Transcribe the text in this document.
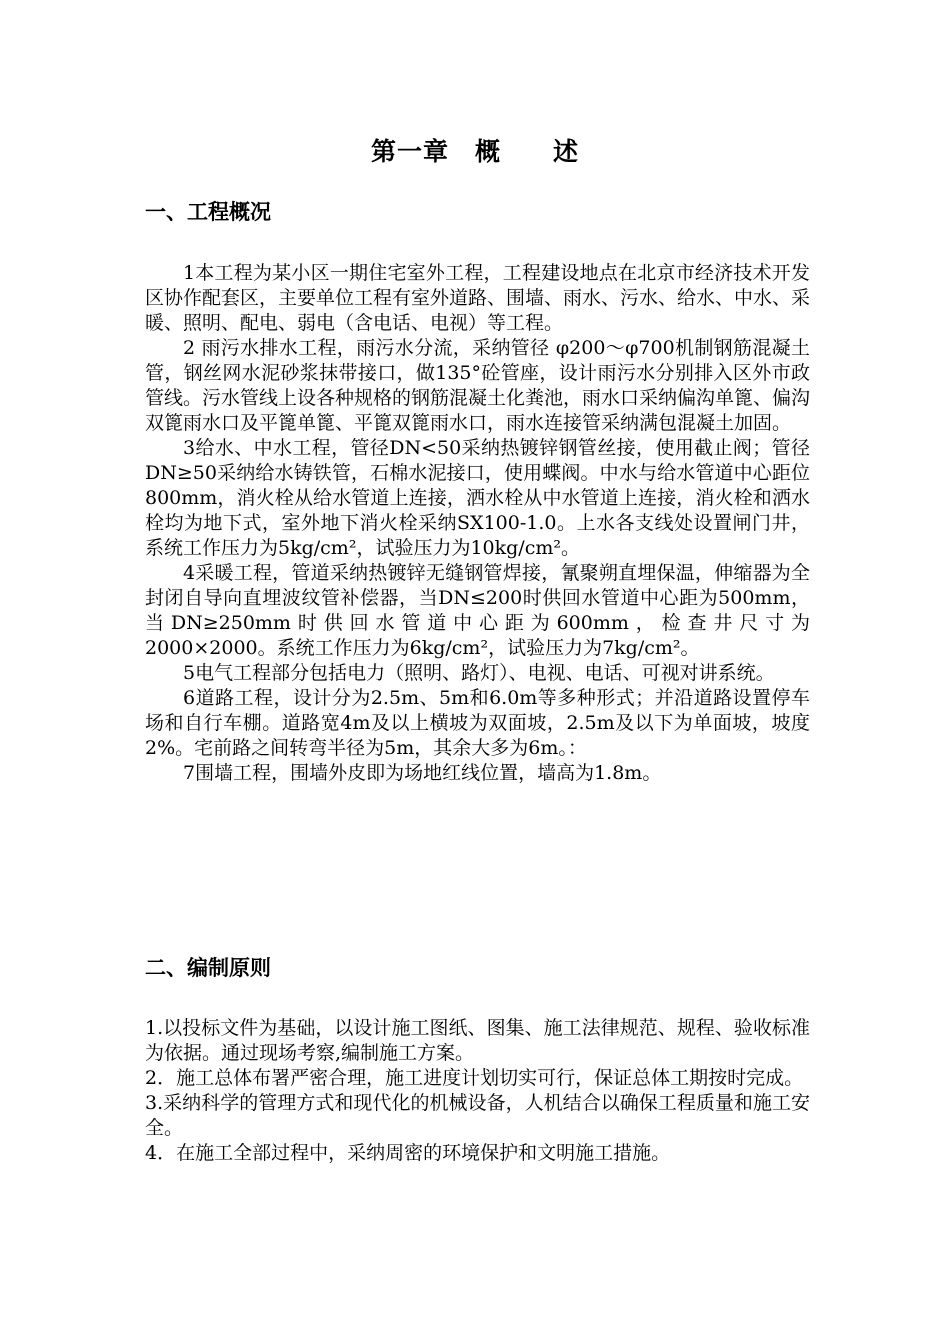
第一章　概　　述
一、工程概况

1本工程为某小区一期住宅室外工程，工程建设地点在北京市经济技术开发区协作配套区，主要单位工程有室外道路、围墙、雨水、污水、给水、中水、采暖、照明、配电、弱电（含电话、电视）等工程。

2 雨污水排水工程，雨污水分流，采纳管径 φ200～φ700机制钢筋混凝土管，钢丝网水泥砂浆抹带接口，做135°砼管座，设计雨污水分别排入区外市政管线。污水管线上设各种规格的钢筋混凝土化粪池，雨水口采纳偏沟单篦、偏沟双篦雨水口及平篦单篦、平篦双篦雨水口，雨水连接管采纳满包混凝土加固。

3给水、中水工程，管径DN<50采纳热镀锌钢管丝接，使用截止阀；管径DN≥50采纳给水铸铁管，石棉水泥接口，使用蝶阀。中水与给水管道中心距位800mm，消火栓从给水管道上连接，洒水栓从中水管道上连接，消火栓和洒水栓均为地下式，室外地下消火栓采纳SX100-1.0。上水各支线处设置闸门井，系统工作压力为5kg/cm²，试验压力为10kg/cm²。

4采暖工程，管道采纳热镀锌无缝钢管焊接，氰聚朔直埋保温，伸缩器为全封闭自导向直埋波纹管补偿器，当DN≤200时供回水管道中心距为500mm，当DN≥250mm时供回水管道中心距为600mm，检查井尺寸为2000×2000。系统工作压力为6kg/cm²，试验压力为7kg/cm²。

5电气工程部分包括电力（照明、路灯）、电视、电话、可视对讲系统。

6道路工程，设计分为2.5m、5m和6.0m等多种形式；并沿道路设置停车场和自行车棚。道路宽4m及以上横坡为双面坡，2.5m及以下为单面坡，坡度2%。宅前路之间转弯半径为5m，其余大多为6m。：

7围墙工程，围墙外皮即为场地红线位置，墙高为1.8m。

二、编制原则

1.以投标文件为基础，以设计施工图纸、图集、施工法律规范、规程、验收标准为依据。通过现场考察,编制施工方案。

2．施工总体布署严密合理，施工进度计划切实可行，保证总体工期按时完成。

3.采纳科学的管理方式和现代化的机械设备，人机结合以确保工程质量和施工安全。

4．在施工全部过程中，采纳周密的环境保护和文明施工措施。
